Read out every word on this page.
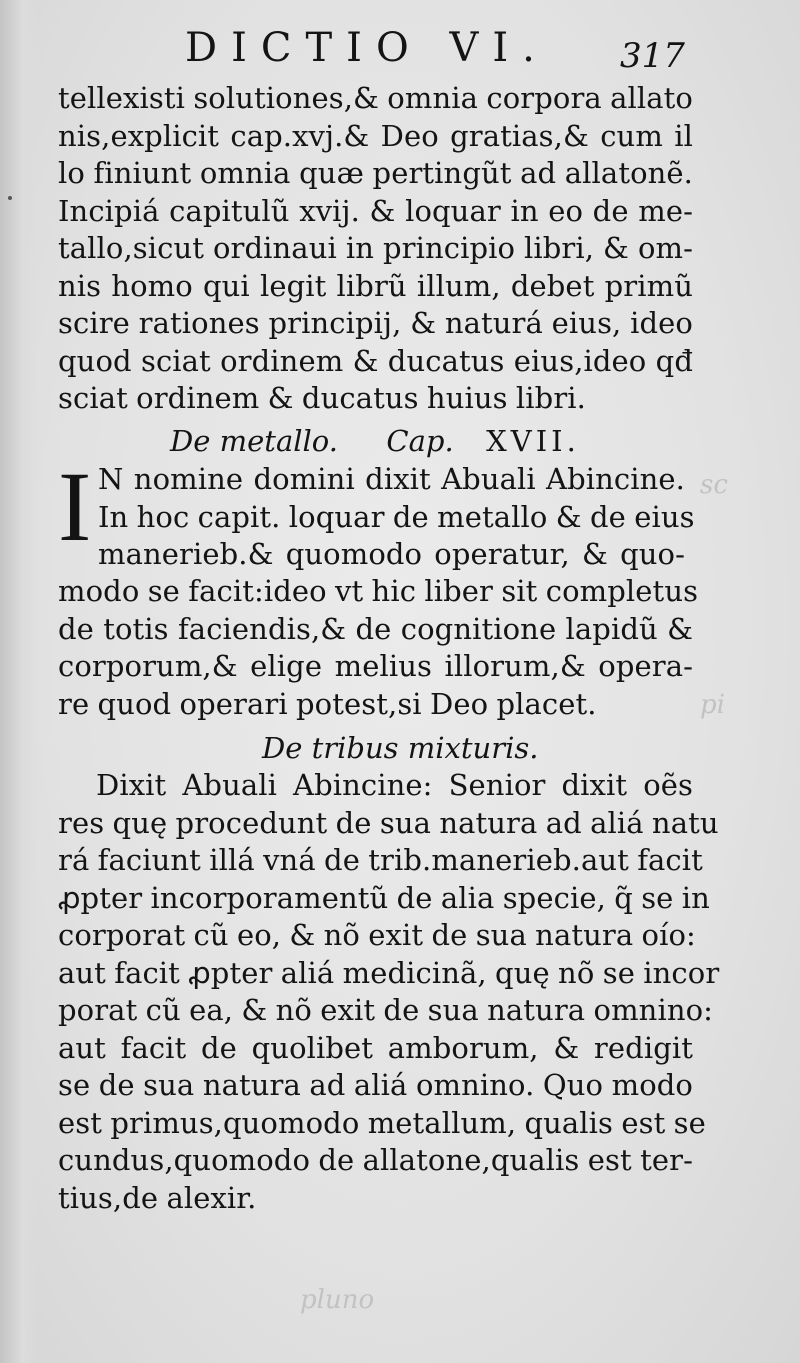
sc
pi
pluno
DICTIO VI. 317
tellexisti solutiones,& omnia corpora allato
nis,explicit cap.xvj.& Deo gratias,& cum il
lo finiunt omnia quæ pertingũt ad allatonẽ.
Incipiá capitulũ xvij. & loquar in eo de me-
tallo,sicut ordinaui in principio libri, & om-
nis homo qui legit librũ illum, debet primũ
scire rationes principij, & naturá eius, ideo
quod sciat ordinem & ducatus eius,ideo qđ
sciat ordinem & ducatus huius libri.
De metallo. Cap. XVII.
I N nomine domini dixit Abuali Abincine.
In hoc capit. loquar de metallo & de eius
manerieb.& quomodo operatur, & quo-
modo se facit:ideo vt hic liber sit completus
de totis faciendis,& de cognitione lapidũ &
corporum,& elige melius illorum,& opera-
re quod operari potest,si Deo placet.
De tribus mixturis.
Dixit Abuali Abincine: Senior dixit oẽs
res quę procedunt de sua natura ad aliá natu
rá faciunt illá vná de trib.manerieb.aut facit
ꝓpter incorporamentũ de alia specie, q̃ se in
corporat cũ eo, & nõ exit de sua natura oío:
aut facit ꝓpter aliá medicinã, quę nõ se incor
porat cũ ea, & nõ exit de sua natura omnino:
aut facit de quolibet amborum, & redigit
se de sua natura ad aliá omnino. Quo modo
est primus,quomodo metallum, qualis est se
cundus,quomodo de allatone,qualis est ter-
tius,de alexir.
